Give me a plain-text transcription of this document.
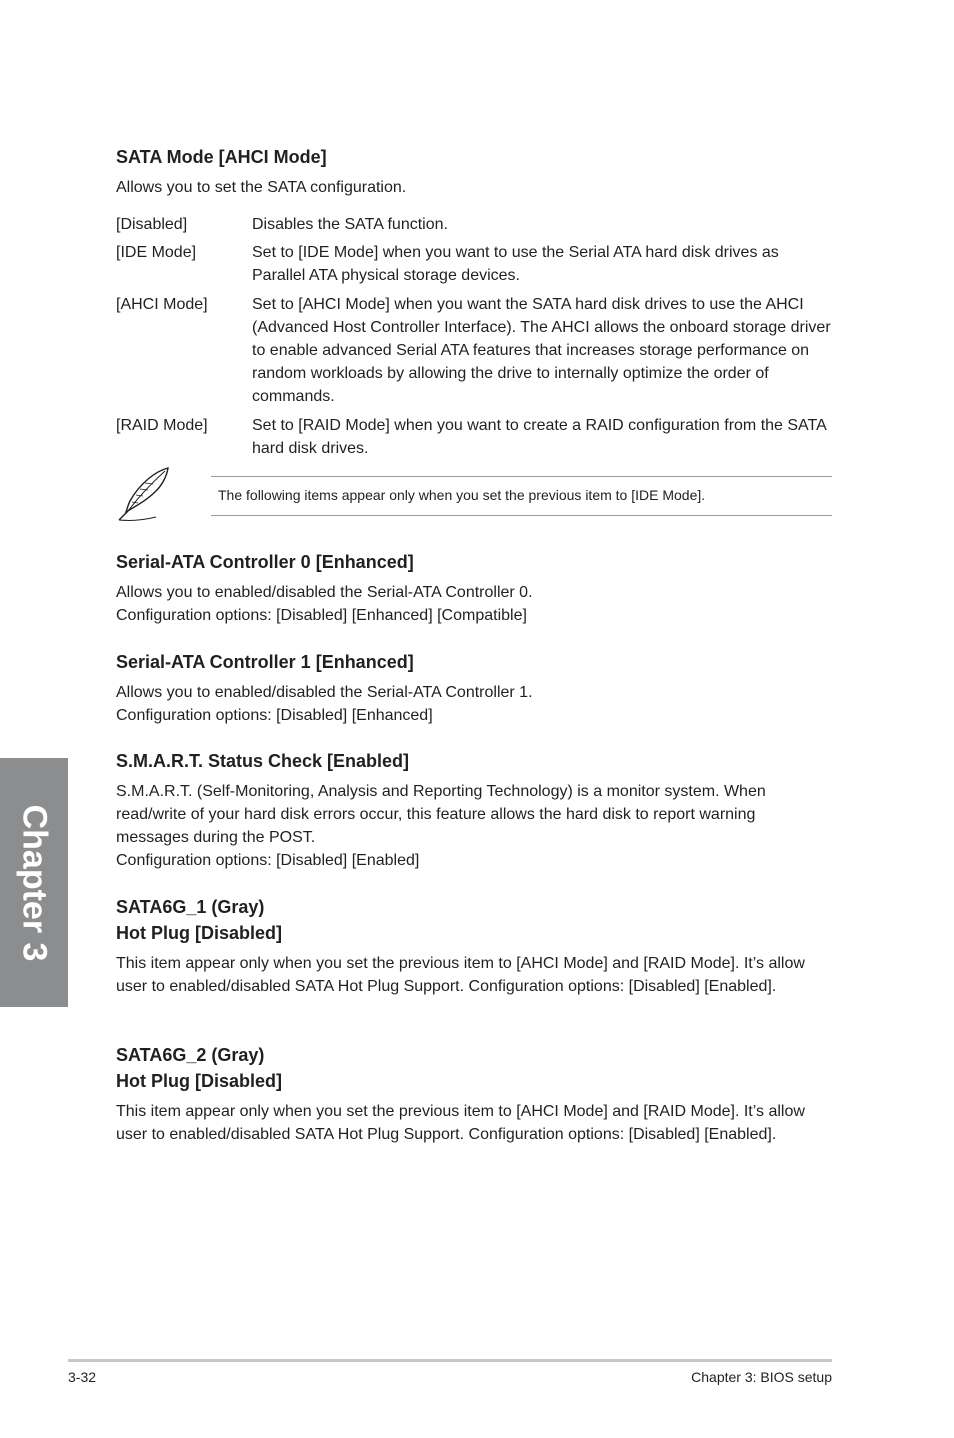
SATA Mode [AHCI Mode]

Allows you to set the SATA configuration.

[Disabled]	Disables the SATA function.
[IDE Mode]	Set to [IDE Mode] when you want to use the Serial ATA hard disk drives as Parallel ATA physical storage devices.
[AHCI Mode]	Set to [AHCI Mode] when you want the SATA hard disk drives to use the AHCI (Advanced Host Controller Interface). The AHCI allows the onboard storage driver to enable advanced Serial ATA features that increases storage performance on random workloads by allowing the drive to internally optimize the order of commands.
[RAID Mode]	Set to [RAID Mode] when you want to create a RAID configuration from the SATA hard disk drives.
Serial-ATA Controller 0 [Enhanced]

Allows you to enabled/disabled the Serial-ATA Controller 0.

Configuration options: [Disabled] [Enhanced] [Compatible]

Serial-ATA Controller 1 [Enhanced]

Allows you to enabled/disabled the Serial-ATA Controller 1.

Configuration options: [Disabled] [Enhanced]

S.M.A.R.T. Status Check [Enabled]

S.M.A.R.T. (Self-Monitoring, Analysis and Reporting Technology) is a monitor system. When read/write of your hard disk errors occur, this feature allows the hard disk to report warning messages during the POST.

Configuration options: [Disabled] [Enabled]

SATA6G_1 (Gray)
Hot Plug [Disabled]

This item appear only when you set the previous item to [AHCI Mode] and [RAID Mode]. It’s allow user to enabled/disabled SATA Hot Plug Support. Configuration options: [Disabled] [Enabled].

SATA6G_2 (Gray)
Hot Plug [Disabled]

This item appear only when you set the previous item to [AHCI Mode] and [RAID Mode]. It’s allow user to enabled/disabled SATA Hot Plug Support. Configuration options: [Disabled] [Enabled].

The following items appear only when you set the previous item to [IDE Mode].
Chapter 3
3-32	Chapter 3: BIOS setup
